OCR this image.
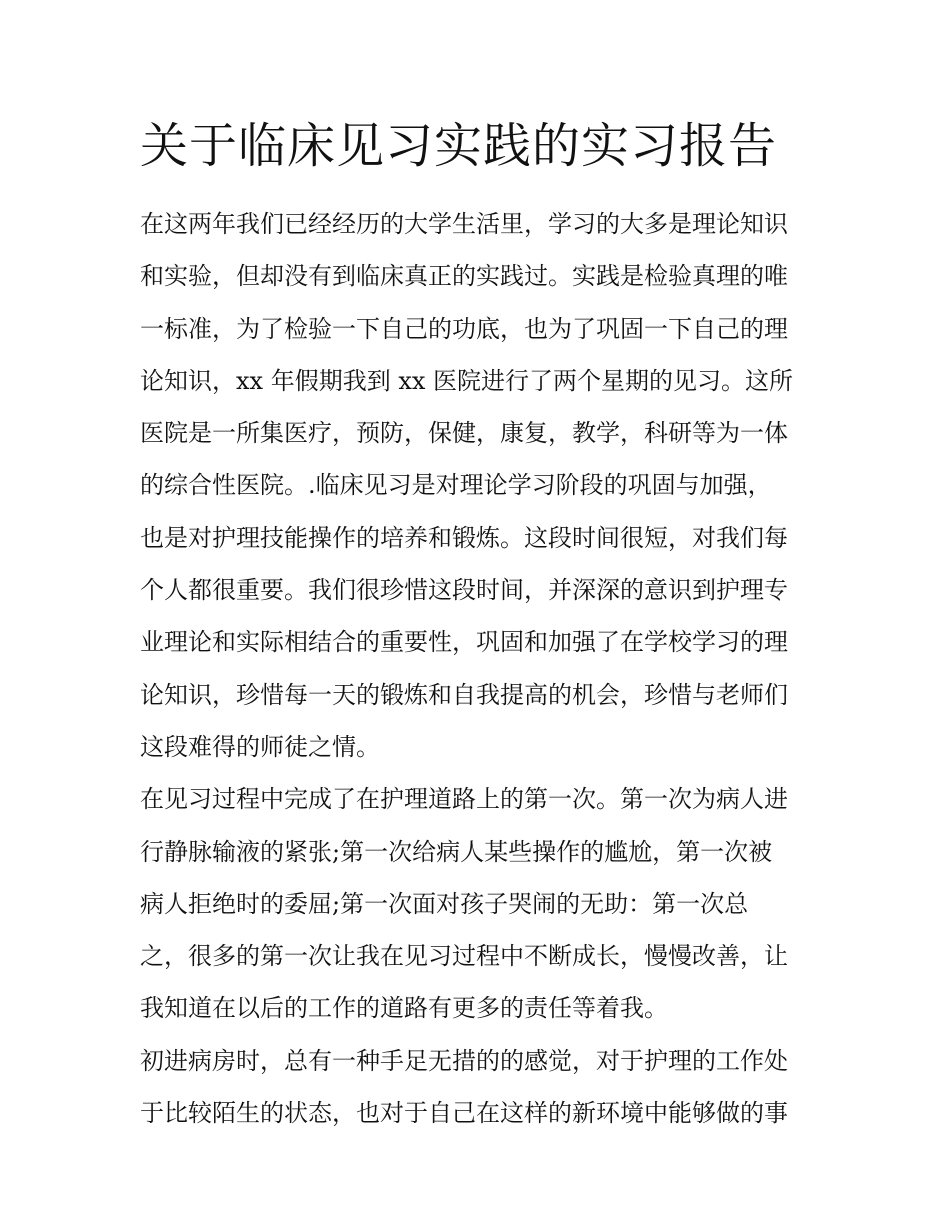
关于临床见习实践的实习报告
在这两年我们已经经历的大学生活里，学习的大多是理论知识
和实验，但却没有到临床真正的实践过。实践是检验真理的唯
一标准，为了检验一下自己的功底，也为了巩固一下自己的理
论知识，xx 年假期我到 xx 医院进行了两个星期的见习。这所
医院是一所集医疗，预防，保健，康复，教学，科研等为一体
的综合性医院。.临床见习是对理论学习阶段的巩固与加强，
也是对护理技能操作的培养和锻炼。这段时间很短，对我们每
个人都很重要。我们很珍惜这段时间，并深深的意识到护理专
业理论和实际相结合的重要性，巩固和加强了在学校学习的理
论知识，珍惜每一天的锻炼和自我提高的机会，珍惜与老师们
这段难得的师徒之情。
在见习过程中完成了在护理道路上的第一次。第一次为病人进
行静脉输液的紧张;第一次给病人某些操作的尴尬，第一次被
病人拒绝时的委屈;第一次面对孩子哭闹的无助：第一次总
之，很多的第一次让我在见习过程中不断成长，慢慢改善，让
我知道在以后的工作的道路有更多的责任等着我。
初进病房时，总有一种手足无措的的感觉，对于护理的工作处
于比较陌生的状态，也对于自己在这样的新环境中能够做的事
